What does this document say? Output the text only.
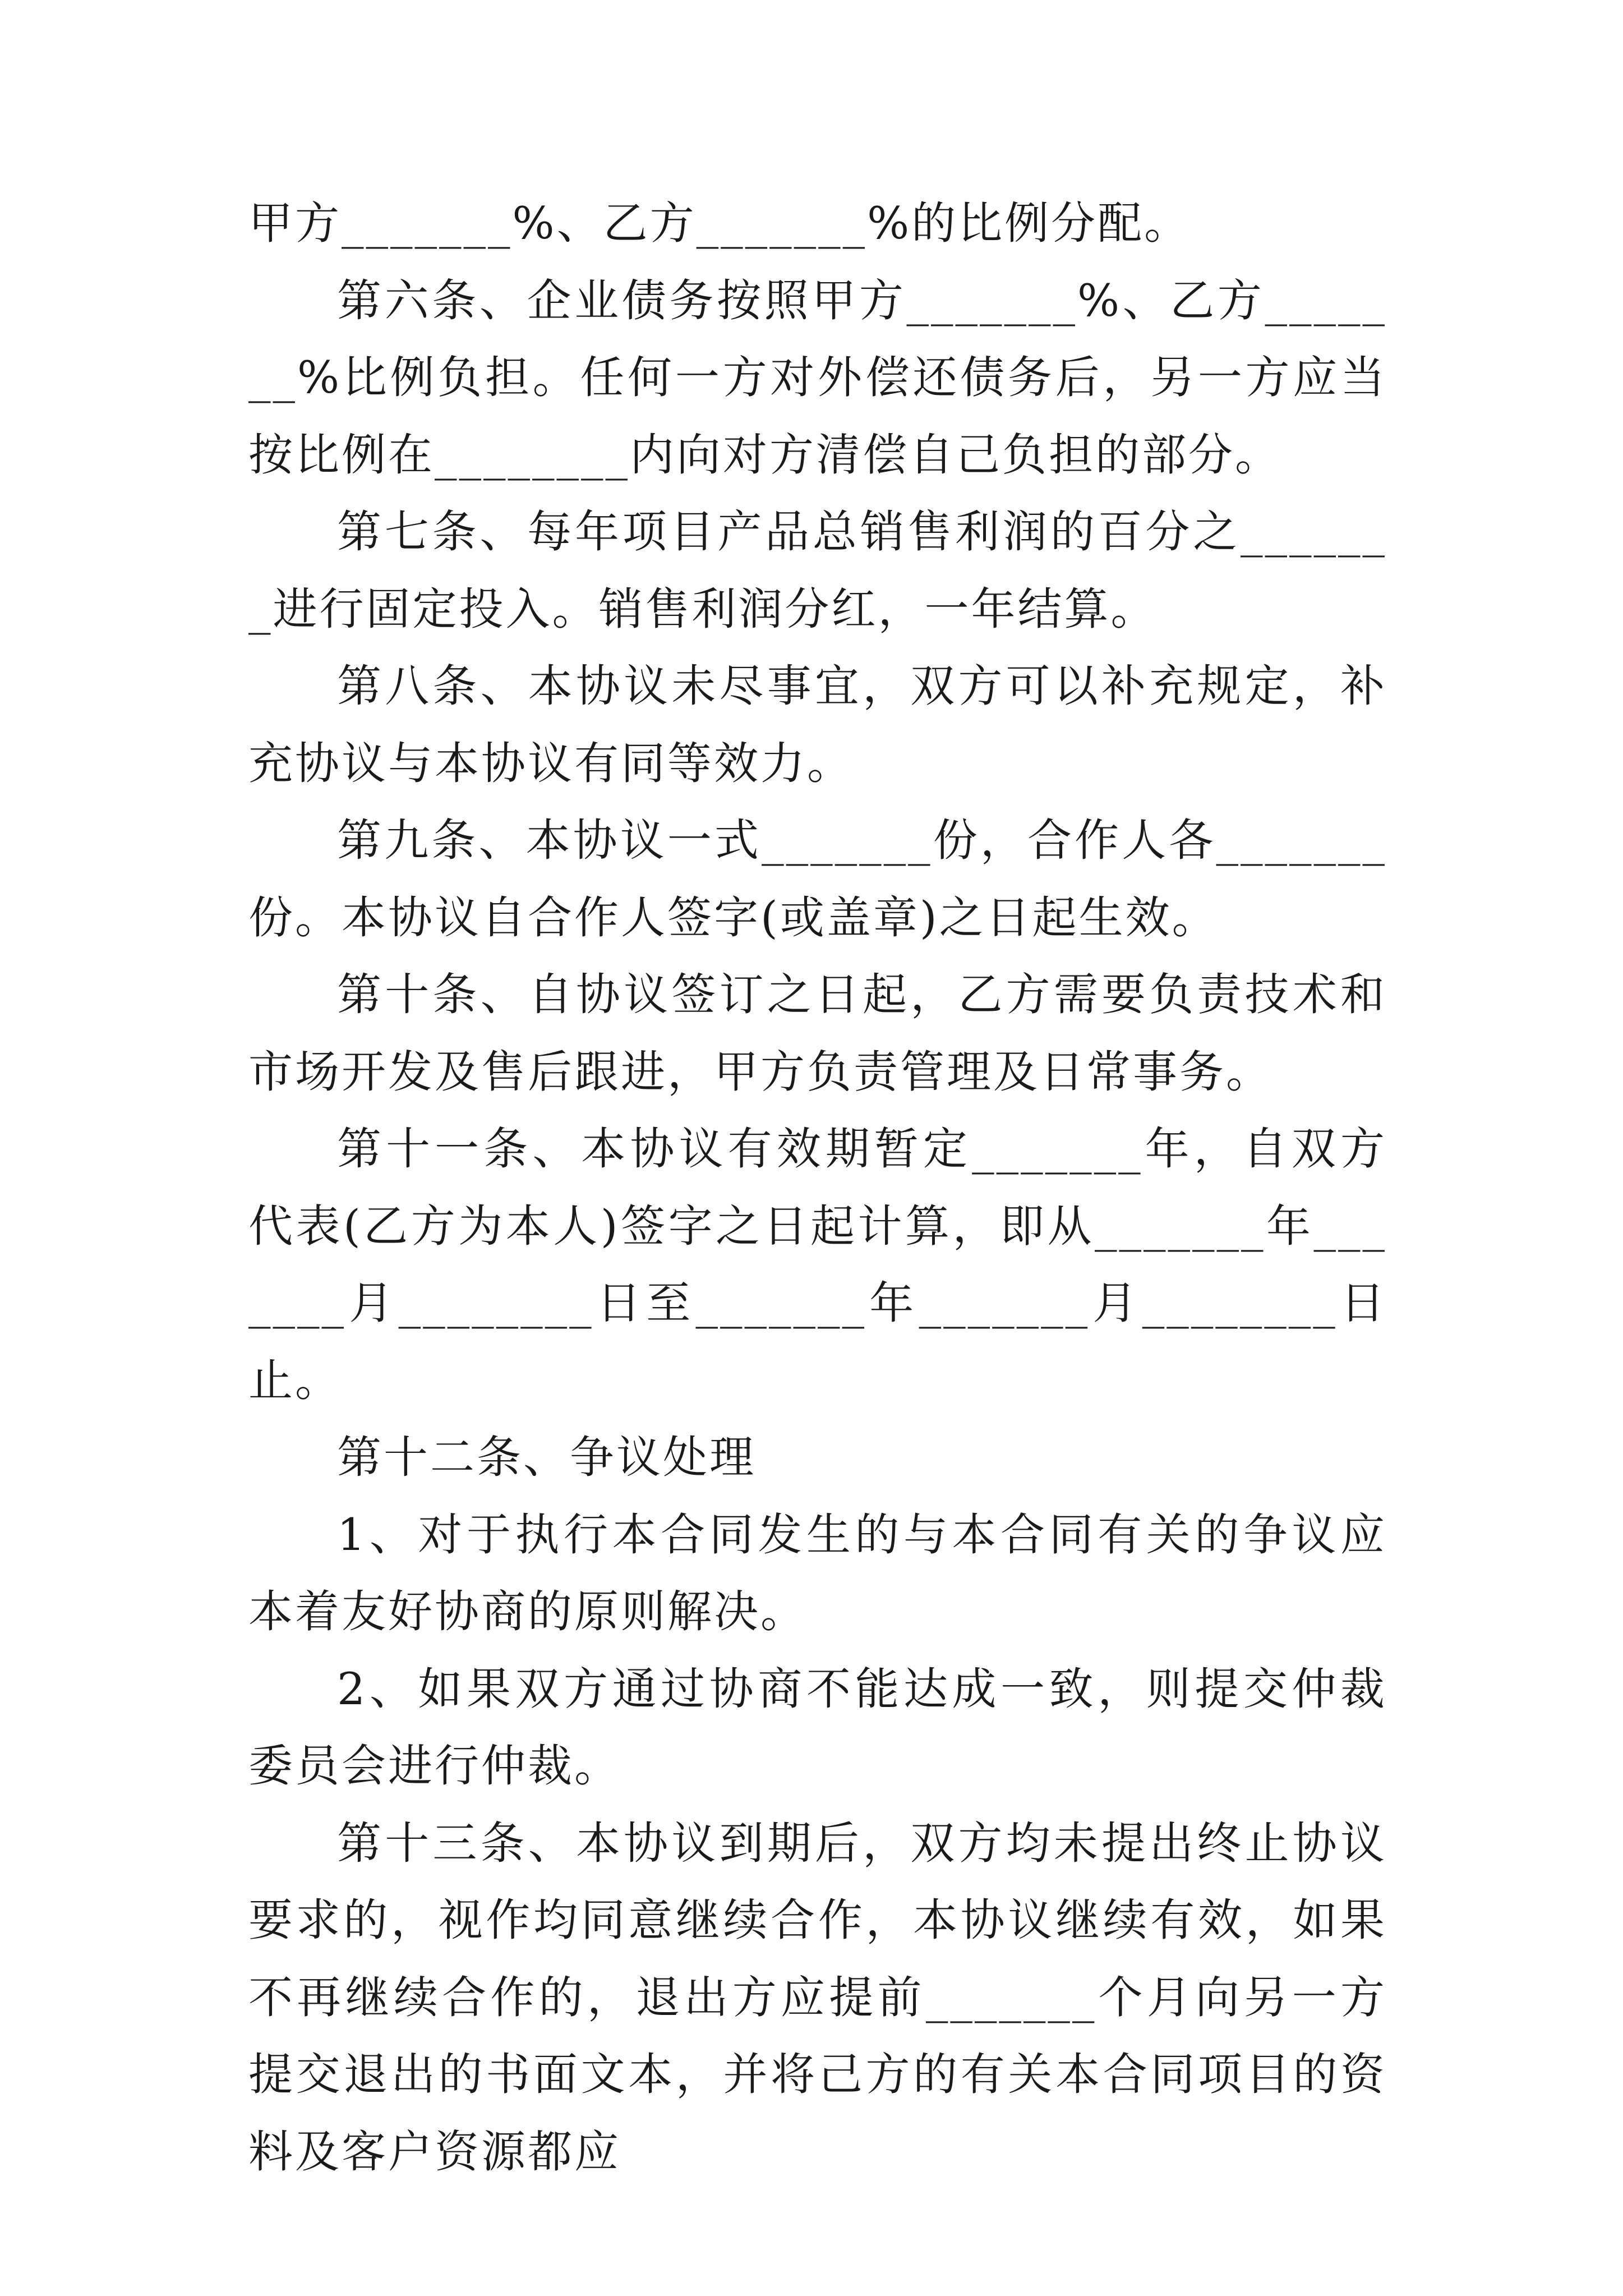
甲方_______%、乙方_______%的比例分配。

第六条、企业债务按照甲方_______%、乙方_______%比例负担。任何一方对外偿还债务后，另一方应当按比例在________内向对方清偿自己负担的部分。

第七条、每年项目产品总销售利润的百分之_______进行固定投入。销售利润分红，一年结算。

第八条、本协议未尽事宜，双方可以补充规定，补充协议与本协议有同等效力。

第九条、本协议一式_______份，合作人各_______份。本协议自合作人签字(或盖章)之日起生效。

第十条、自协议签订之日起，乙方需要负责技术和市场开发及售后跟进，甲方负责管理及日常事务。

第十一条、本协议有效期暂定_______年，自双方代表(乙方为本人)签字之日起计算，即从_______年_______月________日至_______年_______月________日止。

第十二条、争议处理

1、对于执行本合同发生的与本合同有关的争议应本着友好协商的原则解决。

2、如果双方通过协商不能达成一致，则提交仲裁委员会进行仲裁。

第十三条、本协议到期后，双方均未提出终止协议要求的，视作均同意继续合作，本协议继续有效，如果不再继续合作的，退出方应提前_______个月向另一方提交退出的书面文本，并将己方的有关本合同项目的资料及客户资源都应
